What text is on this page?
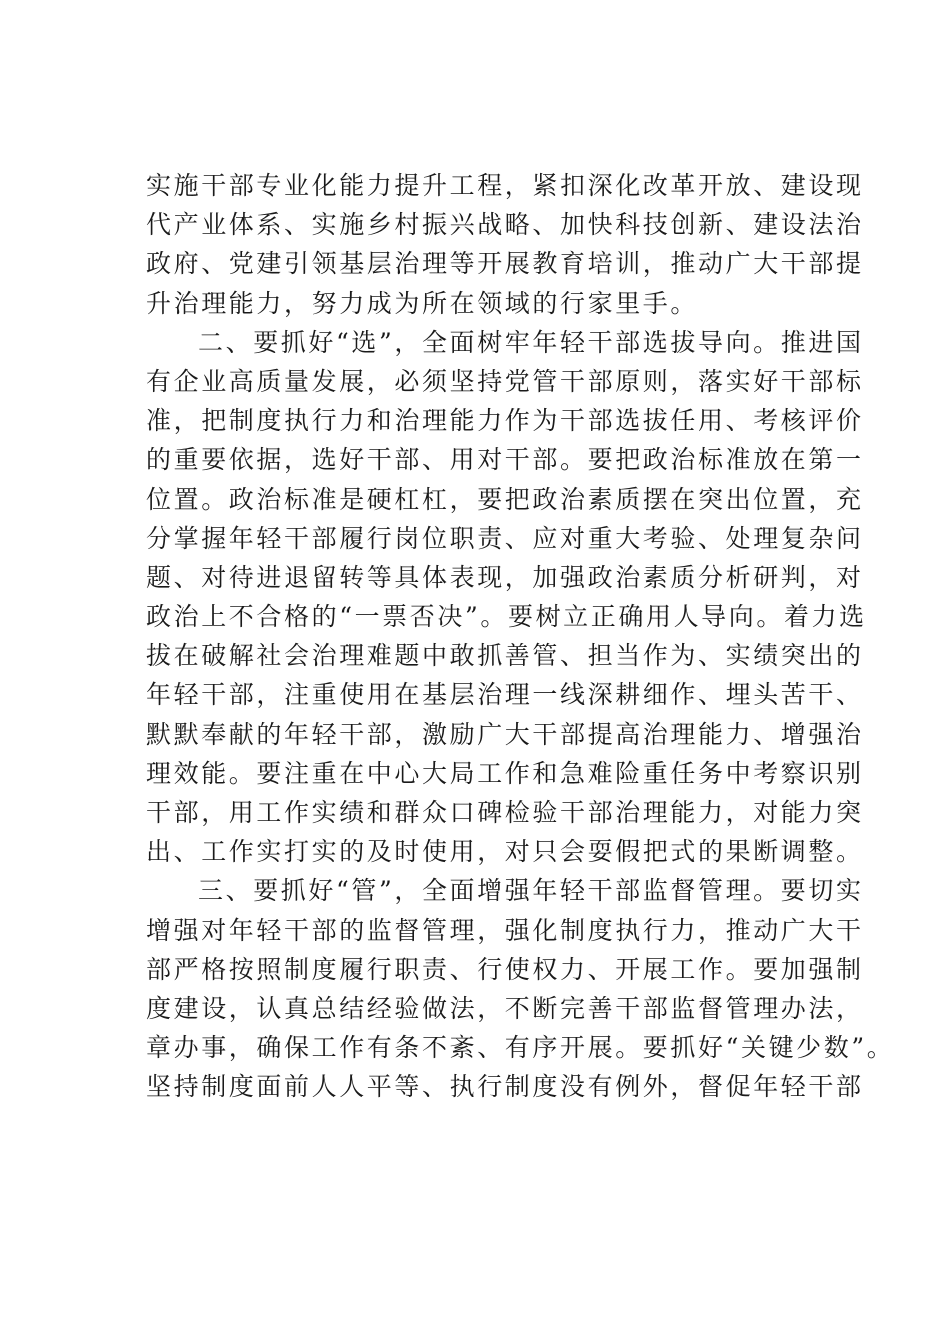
实施干部专业化能力提升工程，紧扣深化改革开放、建设现
代产业体系、实施乡村振兴战略、加快科技创新、建设法治
政府、党建引领基层治理等开展教育培训，推动广大干部提
升治理能力，努力成为所在领域的行家里手。
二、要抓好“选”，全面树牢年轻干部选拔导向。推进国
有企业高质量发展，必须坚持党管干部原则，落实好干部标
准，把制度执行力和治理能力作为干部选拔任用、考核评价
的重要依据，选好干部、用对干部。要把政治标准放在第一
位置。政治标准是硬杠杠，要把政治素质摆在突出位置，充
分掌握年轻干部履行岗位职责、应对重大考验、处理复杂问
题、对待进退留转等具体表现，加强政治素质分析研判，对
政治上不合格的“一票否决”。要树立正确用人导向。着力选
拔在破解社会治理难题中敢抓善管、担当作为、实绩突出的
年轻干部，注重使用在基层治理一线深耕细作、埋头苦干、
默默奉献的年轻干部，激励广大干部提高治理能力、增强治
理效能。要注重在中心大局工作和急难险重任务中考察识别
干部，用工作实绩和群众口碑检验干部治理能力，对能力突
出、工作实打实的及时使用，对只会耍假把式的果断调整。
三、要抓好“管”，全面增强年轻干部监督管理。要切实
增强对年轻干部的监督管理，强化制度执行力，推动广大干
部严格按照制度履行职责、行使权力、开展工作。要加强制
度建设，认真总结经验做法，不断完善干部监督管理办法，
章办事，确保工作有条不紊、有序开展。要抓好“关键少数”。
坚持制度面前人人平等、执行制度没有例外，督促年轻干部
